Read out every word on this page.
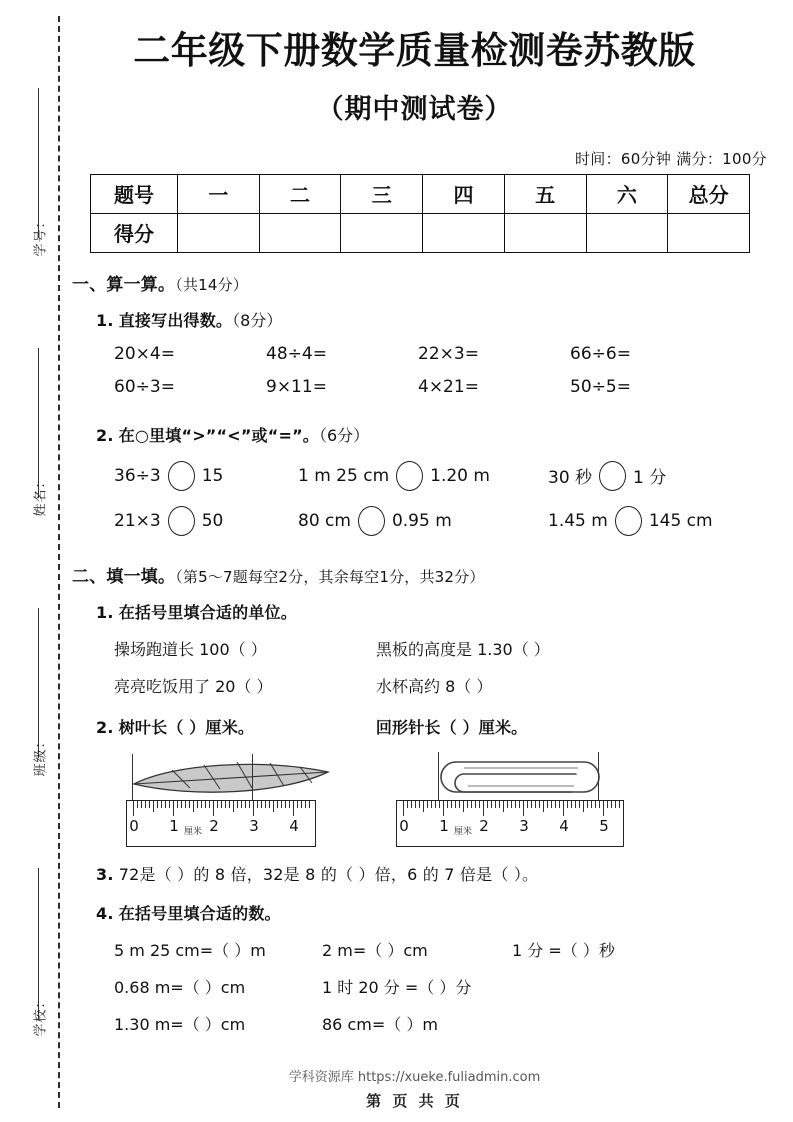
学号：
姓名：
班级：
学校：
二年级下册数学质量检测卷苏教版
（期中测试卷）
时间：60分钟 满分：100分
题号	一	二	三	四	五	六	总分
得分							
一、算一算。（共14分）
1. 直接写出得数。（8分）
20×4=	48÷4=	22×3=	66÷6=
60÷3=	9×11=	4×21=	50÷5=
2. 在○里填“>”“<”或“=”。（6分）
36÷3 15	1 m 25 cm 1.20 m	30 秒 1 分
21×3 50	80 cm 0.95 m	1.45 m 145 cm
二、填一填。（第5～7题每空2分，其余每空1分，共32分）
1. 在括号里填合适的单位。
操场跑道长 100（ ）	黑板的高度是 1.30（ ）
亮亮吃饭用了 20（ ）	水杯高约 8（ ）
2. 树叶长（ ）厘米。	回形针长（ ）厘米。
0 1 厘米 2 3 4	0 1 厘米 2 3 4 5
3. 72是（ ）的 8 倍，32是 8 的（ ）倍，6 的 7 倍是（ ）。
4. 在括号里填合适的数。
5 m 25 cm=（ ）m	2 m=（ ）cm	1 分 =（ ）秒
0.68 m=（ ）cm	1 时 20 分 =（ ）分
1.30 m=（ ）cm	86 cm=（ ）m
学科资源库 https://xueke.fuliadmin.com
第 页 共 页
